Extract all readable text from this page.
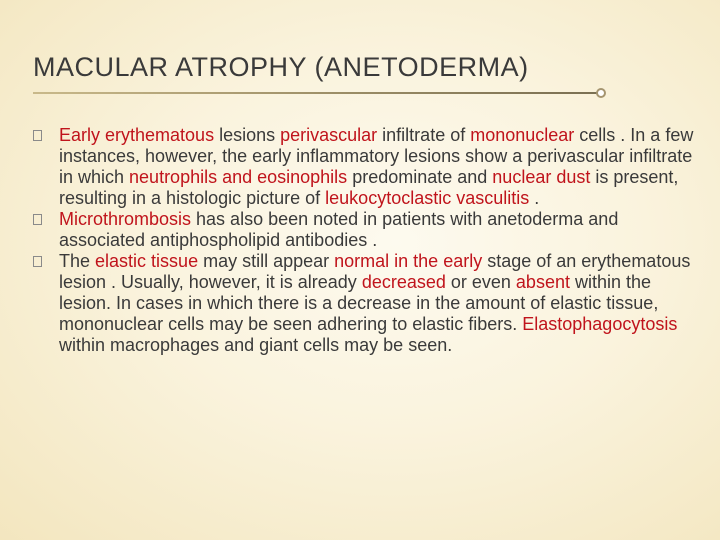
MACULAR ATROPHY (ANETODERMA)
Early erythematous lesions perivascular infiltrate of mononuclear cells . In a few instances, however, the early inflammatory lesions show a perivascular infiltrate in which neutrophils and eosinophils predominate and nuclear dust is present, resulting in a histologic picture of leukocytoclastic vasculitis .
Microthrombosis has also been noted in patients with anetoderma and associated antiphospholipid antibodies .
The elastic tissue may still appear normal in the early stage of an erythematous lesion . Usually, however, it is already decreased or even absent within the lesion. In cases in which there is a decrease in the amount of elastic tissue, mononuclear cells may be seen adhering to elastic fibers. Elastophagocytosis within macrophages and giant cells may be seen.
